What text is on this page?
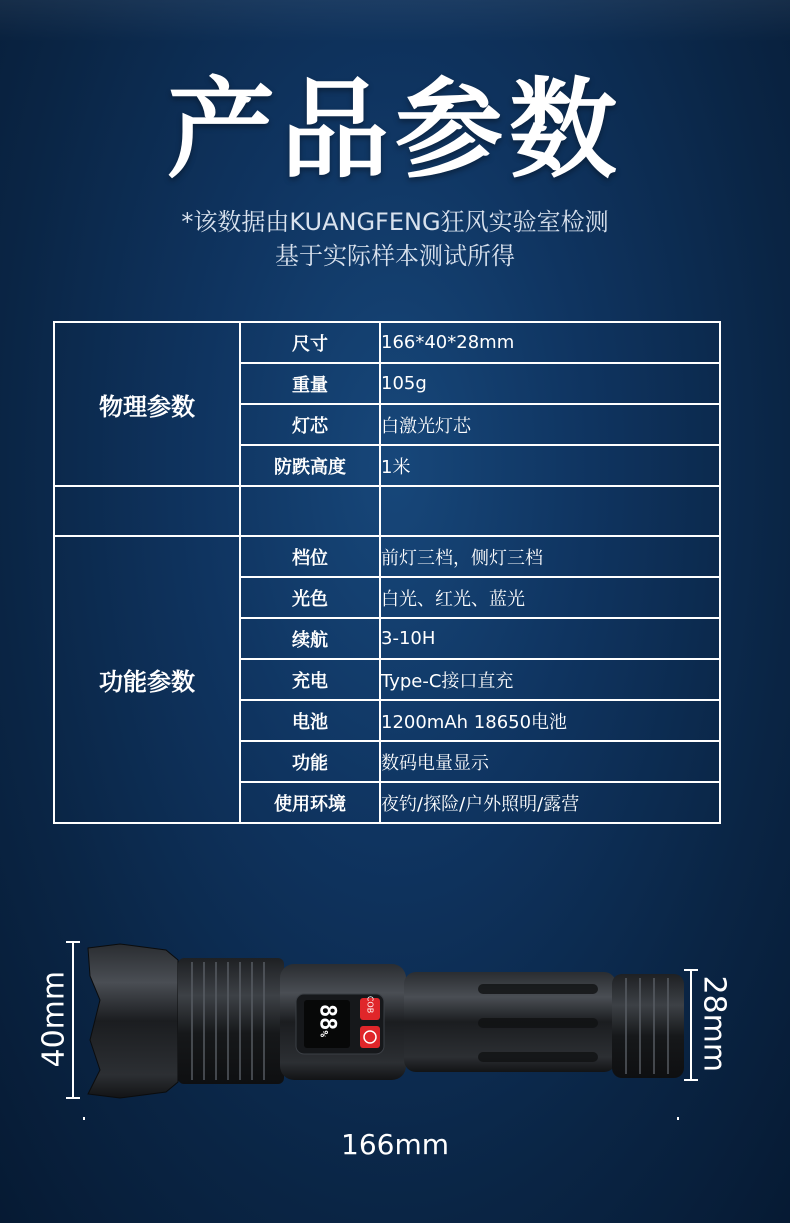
产品参数
*该数据由KUANGFENG狂风实验室检测
基于实际样本测试所得
物理参数	尺寸	166*40*28mm
	重量	105g
	灯芯	白激光灯芯
	防跌高度	1米

功能参数	档位	前灯三档，侧灯三档
	光色	白光、红光、蓝光
	续航	3-10H
	充电	Type-C接口直充
	电池	1200mAh 18650电池
	功能	数码电量显示
	使用环境	夜钓/探险/户外照明/露营
88%
COB
40mm	28mm
166mm
